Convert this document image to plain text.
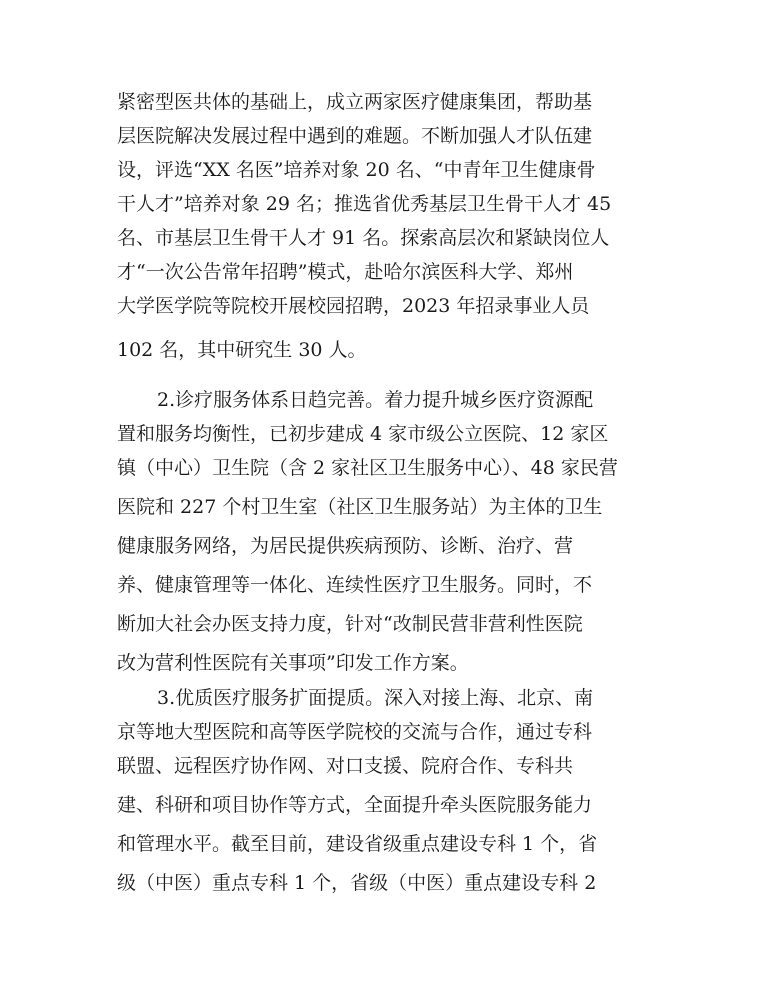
紧密型医共体的基础上，成立两家医疗健康集团，帮助基
层医院解决发展过程中遇到的难题。不断加强人才队伍建
设，评选“XX 名医”培养对象 20 名、“中青年卫生健康骨
干人才”培养对象 29 名；推选省优秀基层卫生骨干人才 45
名、市基层卫生骨干人才 91 名。探索高层次和紧缺岗位人
才“一次公告常年招聘”模式，赴哈尔滨医科大学、郑州
大学医学院等院校开展校园招聘，2023 年招录事业人员
102 名，其中研究生 30 人。
2.诊疗服务体系日趋完善。着力提升城乡医疗资源配
置和服务均衡性，已初步建成 4 家市级公立医院、12 家区
镇（中心）卫生院（含 2 家社区卫生服务中心）、48 家民营
医院和 227 个村卫生室（社区卫生服务站）为主体的卫生
健康服务网络，为居民提供疾病预防、诊断、治疗、营
养、健康管理等一体化、连续性医疗卫生服务。同时，不
断加大社会办医支持力度，针对“改制民营非营利性医院
改为营利性医院有关事项”印发工作方案。
3.优质医疗服务扩面提质。深入对接上海、北京、南
京等地大型医院和高等医学院校的交流与合作，通过专科
联盟、远程医疗协作网、对口支援、院府合作、专科共
建、科研和项目协作等方式，全面提升牵头医院服务能力
和管理水平。截至目前，建设省级重点建设专科 1 个，省
级（中医）重点专科 1 个，省级（中医）重点建设专科 2
